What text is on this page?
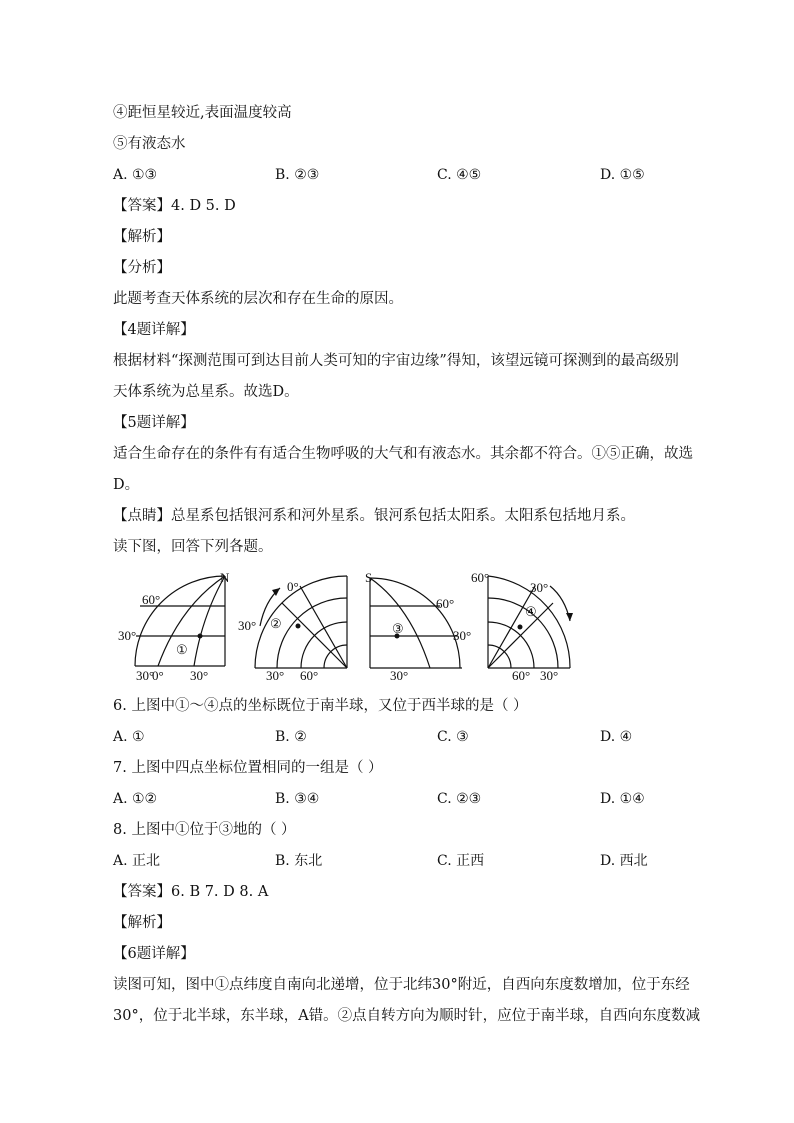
④距恒星较近,表面温度较高
⑤有液态水
A. ①③	B. ②③	C. ④⑤	D. ①⑤
【答案】4. D 5. D
【解析】
【分析】
此题考查天体系统的层次和存在生命的原因。
【4题详解】
根据材料“探测范围可到达目前人类可知的宇宙边缘”得知，该望远镜可探测到的最高级别
天体系统为总星系。故选D。
【5题详解】
适合生命存在的条件有有适合生物呼吸的大气和有液态水。其余都不符合。①⑤正确，故选
D。
【点睛】总星系包括银河系和河外星系。银河系包括太阳系。太阳系包括地月系。
读下图，回答下列各题。
N
60°
30°
30°
0° 30°
①
0°
30°
30° 60°
②
S
60°
30°
30°
③
60°
30°
60° 30°
④
6. 上图中①～④点的坐标既位于南半球，又位于西半球的是（ ）
A. ①	B. ②	C. ③	D. ④
7. 上图中四点坐标位置相同的一组是（ ）
A. ①②	B. ③④	C. ②③	D. ①④
8. 上图中①位于③地的（ ）
A. 正北	B. 东北	C. 正西	D. 西北
【答案】6. B 7. D 8. A
【解析】
【6题详解】
读图可知，图中①点纬度自南向北递增，位于北纬30°附近，自西向东度数增加，位于东经
30°，位于北半球，东半球，A错。②点自转方向为顺时针，应位于南半球，自西向东度数减
